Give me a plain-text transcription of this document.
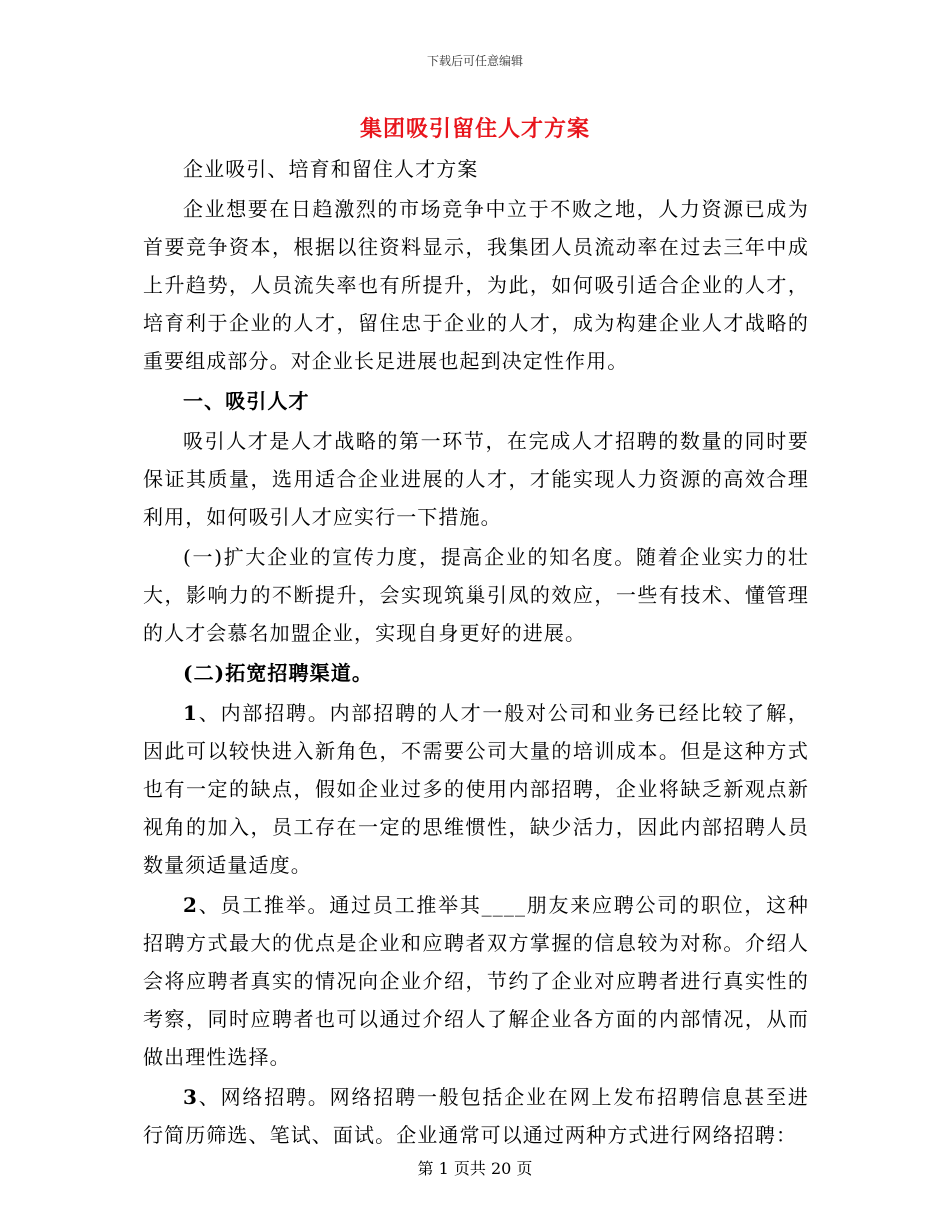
下载后可任意编辑
集团吸引留住人才方案

企业吸引、培育和留住人才方案

企业想要在日趋激烈的市场竞争中立于不败之地，人力资源已成为首要竞争资本，根据以往资料显示，我集团人员流动率在过去三年中成上升趋势，人员流失率也有所提升，为此，如何吸引适合企业的人才，培育利于企业的人才，留住忠于企业的人才，成为构建企业人才战略的重要组成部分。对企业长足进展也起到决定性作用。

一、吸引人才

吸引人才是人才战略的第一环节，在完成人才招聘的数量的同时要保证其质量，选用适合企业进展的人才，才能实现人力资源的高效合理利用，如何吸引人才应实行一下措施。

(一)扩大企业的宣传力度，提高企业的知名度。随着企业实力的壮大，影响力的不断提升，会实现筑巢引凤的效应，一些有技术、懂管理的人才会慕名加盟企业，实现自身更好的进展。

(二)拓宽招聘渠道。

1、内部招聘。内部招聘的人才一般对公司和业务已经比较了解，因此可以较快进入新角色，不需要公司大量的培训成本。但是这种方式也有一定的缺点，假如企业过多的使用内部招聘，企业将缺乏新观点新视角的加入，员工存在一定的思维惯性，缺少活力，因此内部招聘人员数量须适量适度。

2、员工推举。通过员工推举其____朋友来应聘公司的职位，这种招聘方式最大的优点是企业和应聘者双方掌握的信息较为对称。介绍人会将应聘者真实的情况向企业介绍，节约了企业对应聘者进行真实性的考察，同时应聘者也可以通过介绍人了解企业各方面的内部情况，从而做出理性选择。

3、网络招聘。网络招聘一般包括企业在网上发布招聘信息甚至进行简历筛选、笔试、面试。企业通常可以通过两种方式进行网络招聘：

第 1 页共 20 页
